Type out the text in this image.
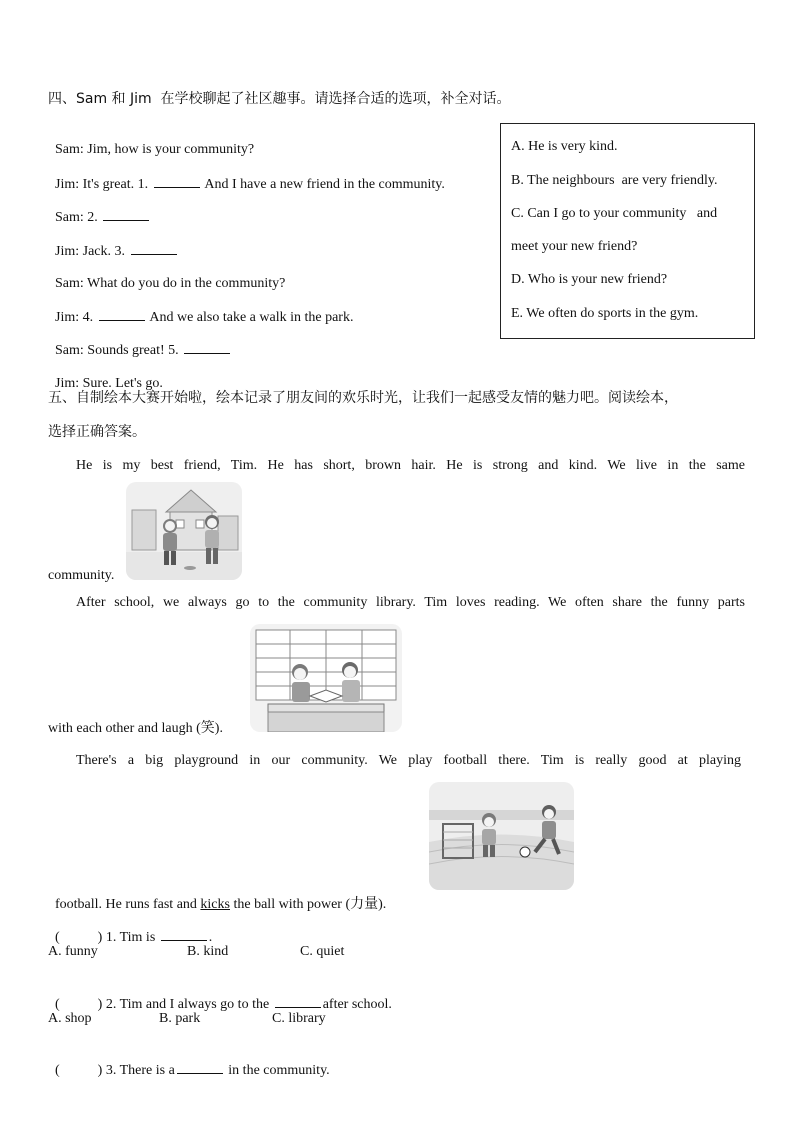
四、Sam 和 Jim  在学校聊起了社区趣事。请选择合适的选项，补全对话。

Sam: Jim, how is your community?

Jim: It's great. 1.	And I have a new friend in the community.

Sam: 2.

Jim: Jack. 3.

Sam: What do you do in the community?

Jim: 4.	And we also take a walk in the park.

Sam: Sounds great! 5.

Jim: Sure. Let's go.

A. He is very kind.
B. The neighbours  are very friendly.
C. Can I go to your community   and
meet your new friend?
D. Who is your new friend?
E. We often do sports in the gym.
五、自制绘本大赛开始啦，绘本记录了朋友间的欢乐时光，让我们一起感受友情的魅力吧。阅读绘本，
选择正确答案。
He is my best friend, Tim. He has short, brown hair. He is strong and kind. We live in the same
community.
After school, we always go to the community library. Tim loves reading. We often share the funny parts
with each other and laugh (笑).
There's a big playground in our community. We play football there. Tim is really good at playing

football. He runs fast and kicks the ball with power (力量).

(	) 1. Tim is	.

A. funny	B. kind	C. quiet

(	) 2. Tim and I always go to the	after school.

A. shop	B. park	C. library

(	) 3. There is a	in the community.
